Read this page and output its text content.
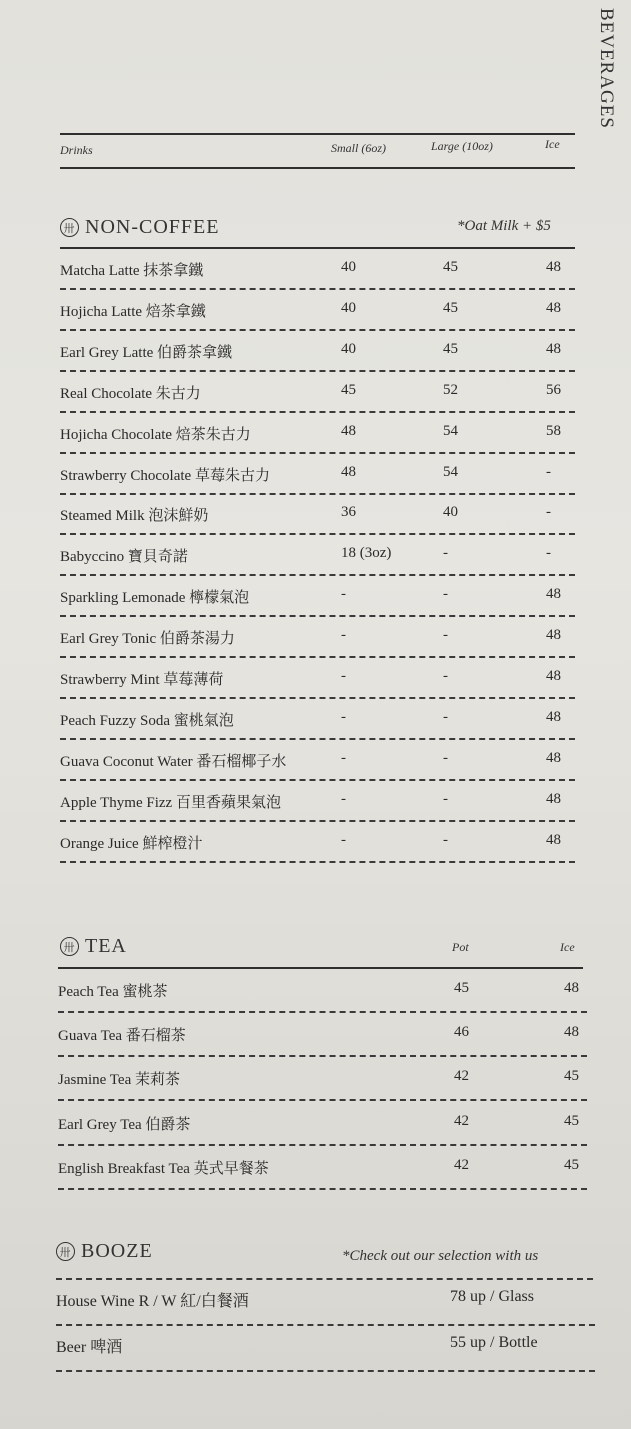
BEVERAGES
Drinks	Small (6oz)	Large (10oz)	Ice
卅 NON-COFFEE	*Oat Milk + $5
Matcha Latte 抹茶拿鐵	40	45	48
Hojicha Latte 焙茶拿鐵	40	45	48
Earl Grey Latte 伯爵茶拿鐵	40	45	48
Real Chocolate 朱古力	45	52	56
Hojicha Chocolate 焙茶朱古力	48	54	58
Strawberry Chocolate 草莓朱古力	48	54	-
Steamed Milk 泡沫鮮奶	36	40	-
Babyccino 寶貝奇諾	18 (3oz)	-	-
Sparkling Lemonade 檸檬氣泡	-	-	48
Earl Grey Tonic 伯爵茶湯力	-	-	48
Strawberry Mint 草莓薄荷	-	-	48
Peach Fuzzy Soda 蜜桃氣泡	-	-	48
Guava Coconut Water 番石榴椰子水	-	-	48
Apple Thyme Fizz 百里香蘋果氣泡	-	-	48
Orange Juice 鮮榨橙汁	-	-	48
卅 TEA	Pot	Ice
Peach Tea 蜜桃茶	45	48
Guava Tea 番石榴茶	46	48
Jasmine Tea 茉莉茶	42	45
Earl Grey Tea 伯爵茶	42	45
English Breakfast Tea 英式早餐茶	42	45
卅 BOOZE	*Check out our selection with us
House Wine R / W 紅/白餐酒	78 up / Glass
Beer 啤酒	55 up / Bottle
